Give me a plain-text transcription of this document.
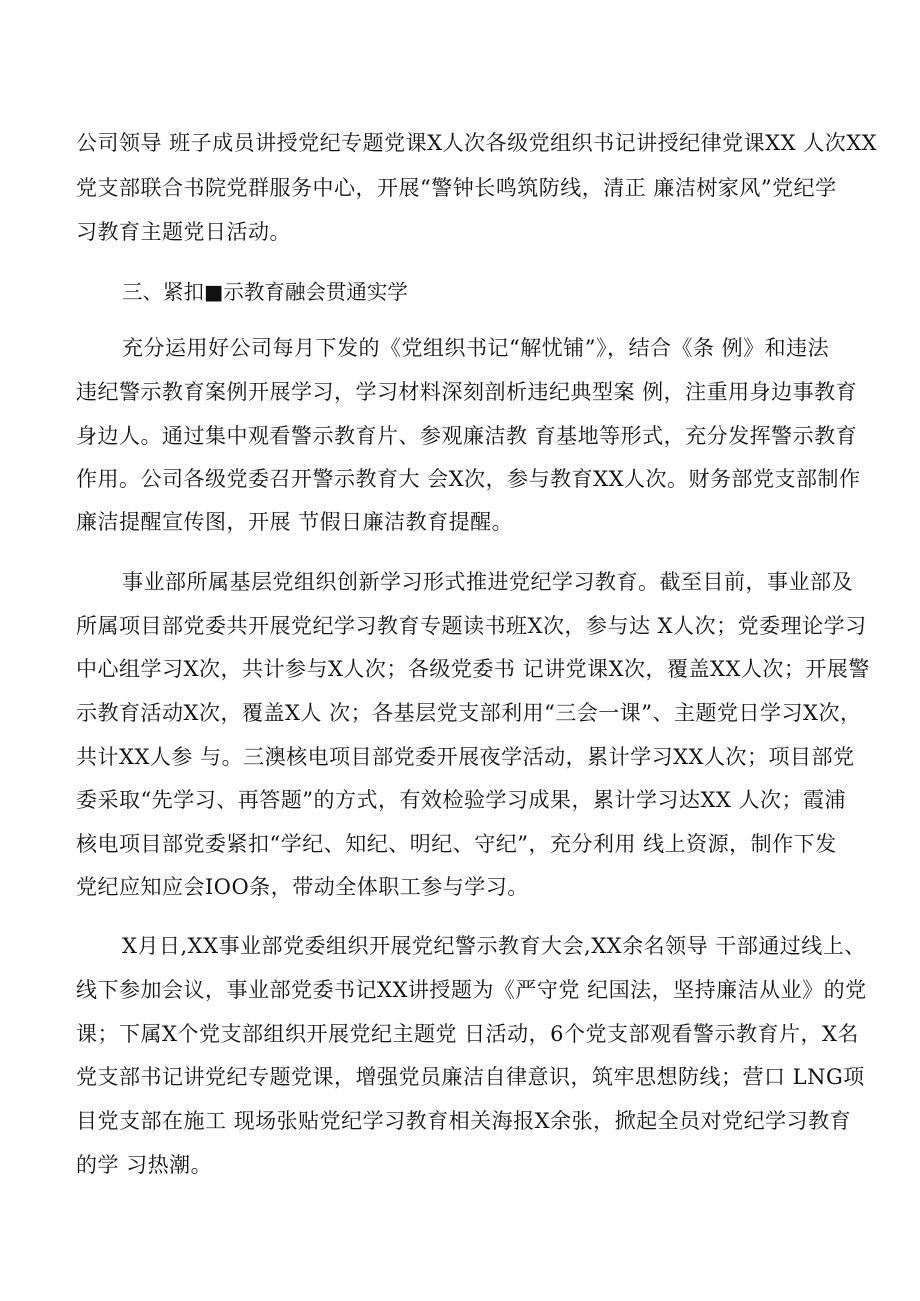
公司领导 班子成员讲授党纪专题党课X人次各级党组织书记讲授纪律党课XX 人次XX
党支部联合书院党群服务中心，开展“警钟长鸣筑防线，清正 廉洁树家风”党纪学
习教育主题党日活动。
三、紧扣■示教育融会贯通实学
充分运用好公司每月下发的《党组织书记“解忧铺”》，结合《条 例》和违法
违纪警示教育案例开展学习，学习材料深刻剖析违纪典型案 例，注重用身边事教育
身边人。通过集中观看警示教育片、参观廉洁教 育基地等形式，充分发挥警示教育
作用。公司各级党委召开警示教育大 会X次，参与教育XX人次。财务部党支部制作
廉洁提醒宣传图，开展 节假日廉洁教育提醒。
事业部所属基层党组织创新学习形式推进党纪学习教育。截至目前，事业部及
所属项目部党委共开展党纪学习教育专题读书班X次，参与达 X人次；党委理论学习
中心组学习X次，共计参与X人次；各级党委书 记讲党课X次，覆盖XX人次；开展警
示教育活动X次，覆盖X人 次；各基层党支部利用“三会一课”、主题党日学习X次，
共计XX人参 与。三澳核电项目部党委开展夜学活动，累计学习XX人次；项目部党
委采取“先学习、再答题”的方式，有效检验学习成果，累计学习达XX 人次；霞浦
核电项目部党委紧扣“学纪、知纪、明纪、守纪”，充分利用 线上资源，制作下发
党纪应知应会IOO条，带动全体职工参与学习。
X月日,XX事业部党委组织开展党纪警示教育大会,XX余名领导 干部通过线上、
线下参加会议，事业部党委书记XX讲授题为《严守党 纪国法，坚持廉洁从业》的党
课；下属X个党支部组织开展党纪主题党 日活动，6个党支部观看警示教育片，X名
党支部书记讲党纪专题党课，增强党员廉洁自律意识，筑牢思想防线；营口 LNG项
目党支部在施工 现场张贴党纪学习教育相关海报X余张，掀起全员对党纪学习教育
的学 习热潮。
